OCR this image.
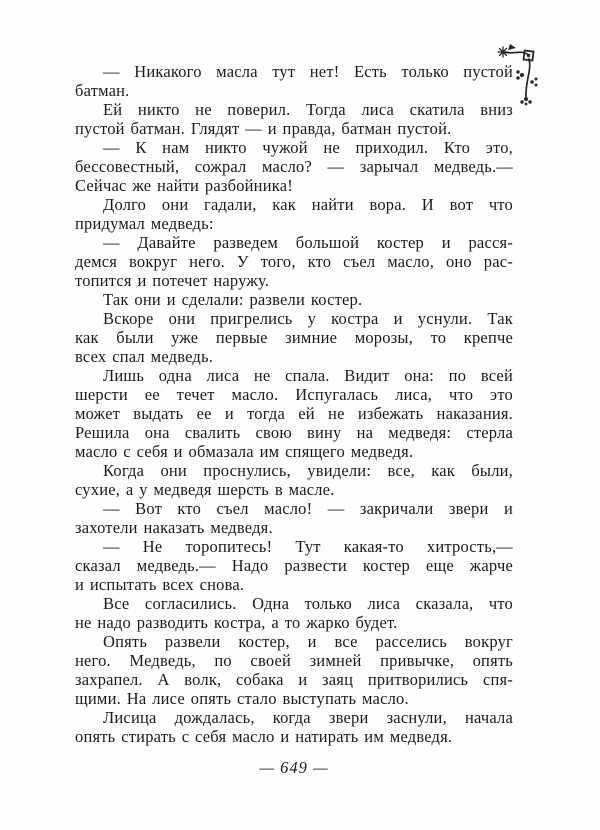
— Никакого масла тут нет! Есть только пустой
батман.
Ей никто не поверил. Тогда лиса скатила вниз
пустой батман. Глядят — и правда, батман пустой.
— К нам никто чужой не приходил. Кто это,
бессовестный, сожрал масло? — зарычал медведь.—
Сейчас же найти разбойника!
Долго они гадали, как найти вора. И вот что
придумал медведь:
— Давайте разведем большой костер и расся-
демся вокруг него. У того, кто съел масло, оно рас-
топится и потечет наружу.
Так они и сделали: развели костер.
Вскоре они пригрелись у костра и уснули. Так
как были уже первые зимние морозы, то крепче
всех спал медведь.
Лишь одна лиса не спала. Видит она: по всей
шерсти ее течет масло. Испугалась лиса, что это
может выдать ее и тогда ей не избежать наказания.
Решила она свалить свою вину на медведя: стерла
масло с себя и обмазала им спящего медведя.
Когда они проснулись, увидели: все, как были,
сухие, а у медведя шерсть в масле.
— Вот кто съел масло! — закричали звери и
захотели наказать медведя.
— Не торопитесь! Тут какая-то хитрость,—
сказал медведь.— Надо развести костер еще жарче
и испытать всех снова.
Все согласились. Одна только лиса сказала, что
не надо разводить костра, а то жарко будет.
Опять развели костер, и все расселись вокруг
него. Медведь, по своей зимней привычке, опять
захрапел. А волк, собака и заяц притворились спя-
щими. На лисе опять стало выступать масло.
Лисица дождалась, когда звери заснули, начала
опять стирать с себя масло и натирать им медведя.
— 649 —
